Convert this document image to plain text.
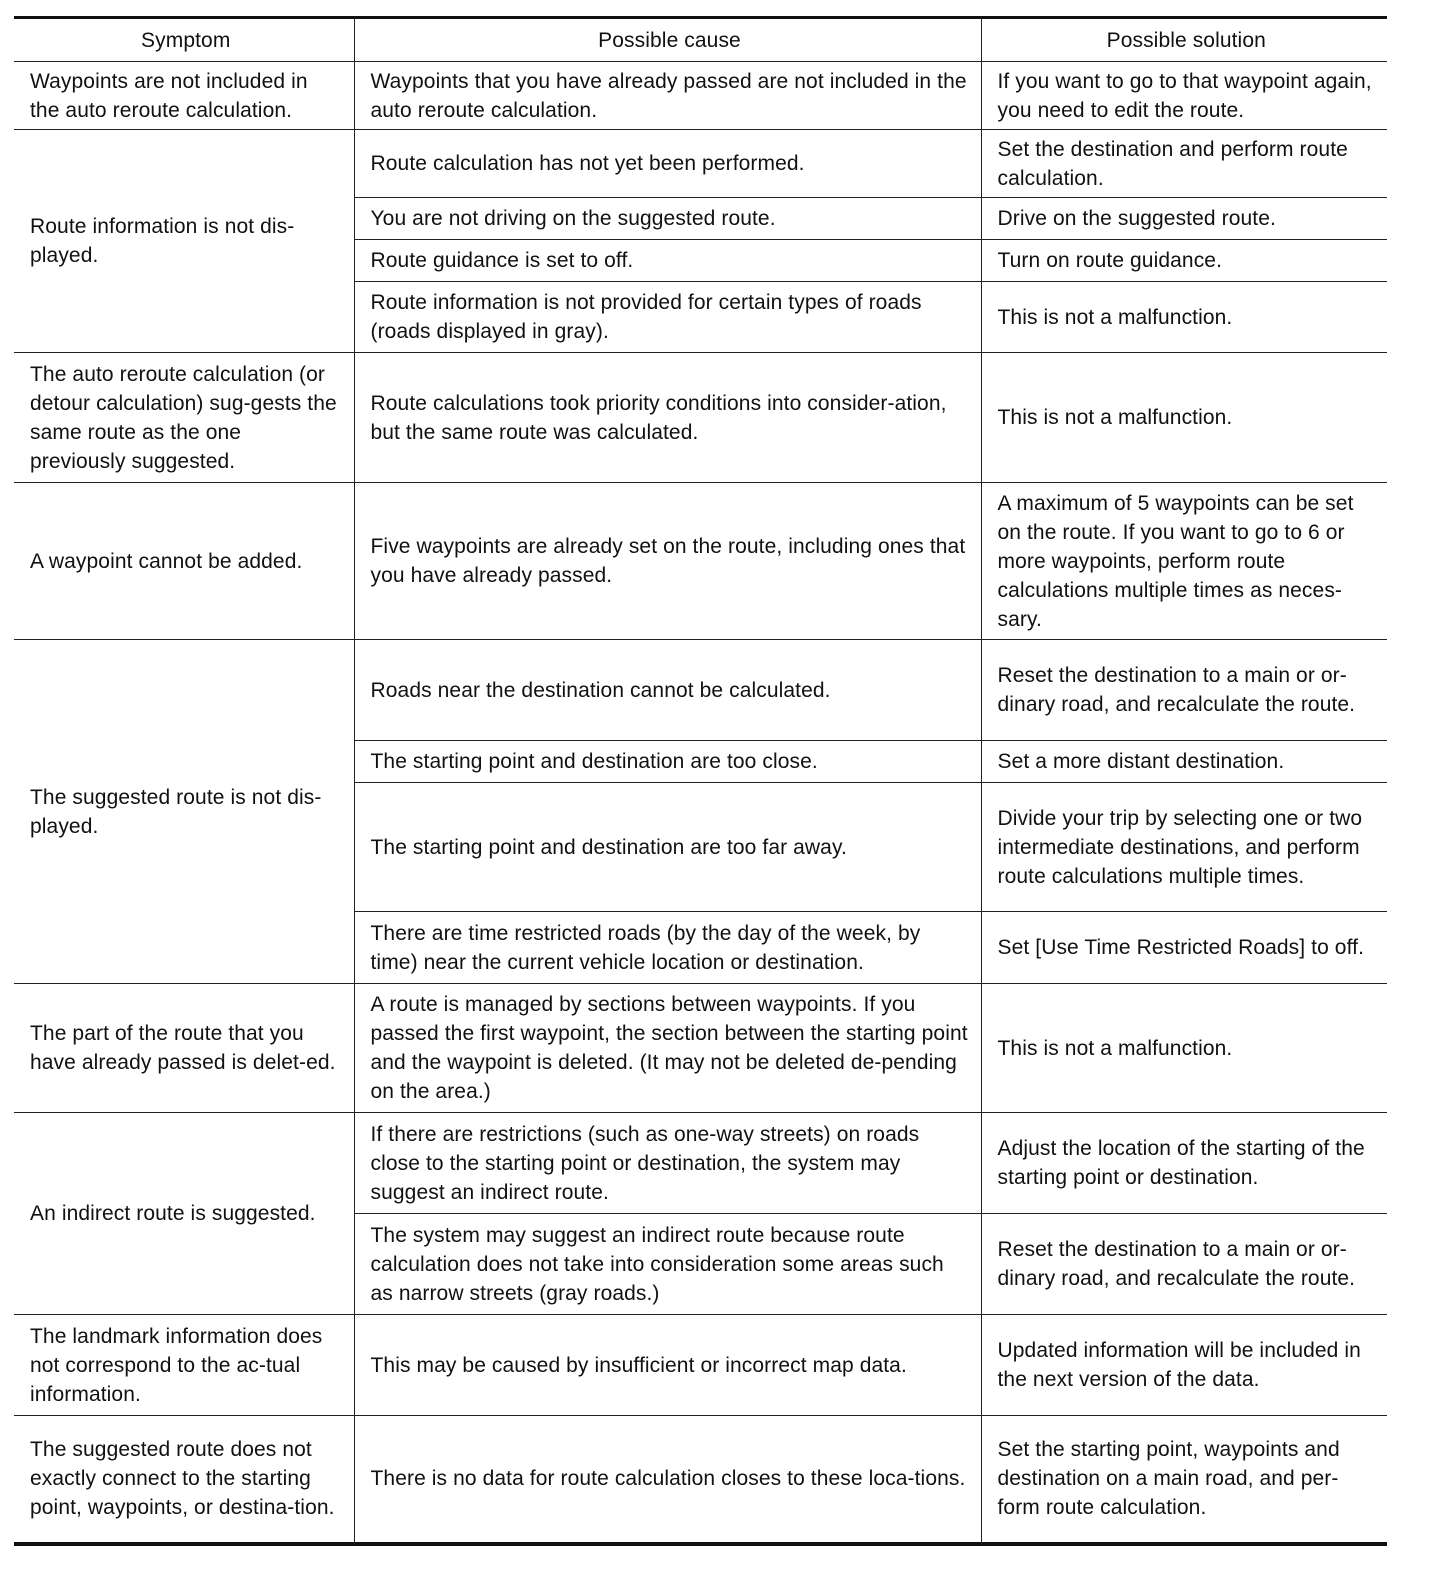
Symptom	Possible cause	Possible solution
Waypoints are not included in the auto reroute calculation.	Waypoints that you have already passed are not included in the auto reroute calculation.	If you want to go to that waypoint again, you need to edit the route.
Route information is not dis-played.	Route calculation has not yet been performed.	Set the destination and perform route calculation.
	You are not driving on the suggested route.	Drive on the suggested route.
	Route guidance is set to off.	Turn on route guidance.
	Route information is not provided for certain types of roads (roads displayed in gray).	This is not a malfunction.
The auto reroute calculation (or detour calculation) sug-gests the same route as the one previously suggested.	Route calculations took priority conditions into consider-ation, but the same route was calculated.	This is not a malfunction.
A waypoint cannot be added.	Five waypoints are already set on the route, including ones that you have already passed.	A maximum of 5 waypoints can be set on the route. If you want to go to 6 or more waypoints, perform route calculations multiple times as neces-sary.
The suggested route is not dis-played.	Roads near the destination cannot be calculated.	Reset the destination to a main or or-dinary road, and recalculate the route.
	The starting point and destination are too close.	Set a more distant destination.
	The starting point and destination are too far away.	Divide your trip by selecting one or two intermediate destinations, and perform route calculations multiple times.
	There are time restricted roads (by the day of the week, by time) near the current vehicle location or destination.	Set [Use Time Restricted Roads] to off.
The part of the route that you have already passed is delet-ed.	A route is managed by sections between waypoints. If you passed the first waypoint, the section between the starting point and the waypoint is deleted. (It may not be deleted de-pending on the area.)	This is not a malfunction.
An indirect route is suggested.	If there are restrictions (such as one-way streets) on roads close to the starting point or destination, the system may suggest an indirect route.	Adjust the location of the starting of the starting point or destination.
	The system may suggest an indirect route because route calculation does not take into consideration some areas such as narrow streets (gray roads.)	Reset the destination to a main or or-dinary road, and recalculate the route.
The landmark information does not correspond to the ac-tual information.	This may be caused by insufficient or incorrect map data.	Updated information will be included in the next version of the data.
The suggested route does not exactly connect to the starting point, waypoints, or destina-tion.	There is no data for route calculation closes to these loca-tions.	Set the starting point, waypoints and destination on a main road, and per-form route calculation.
